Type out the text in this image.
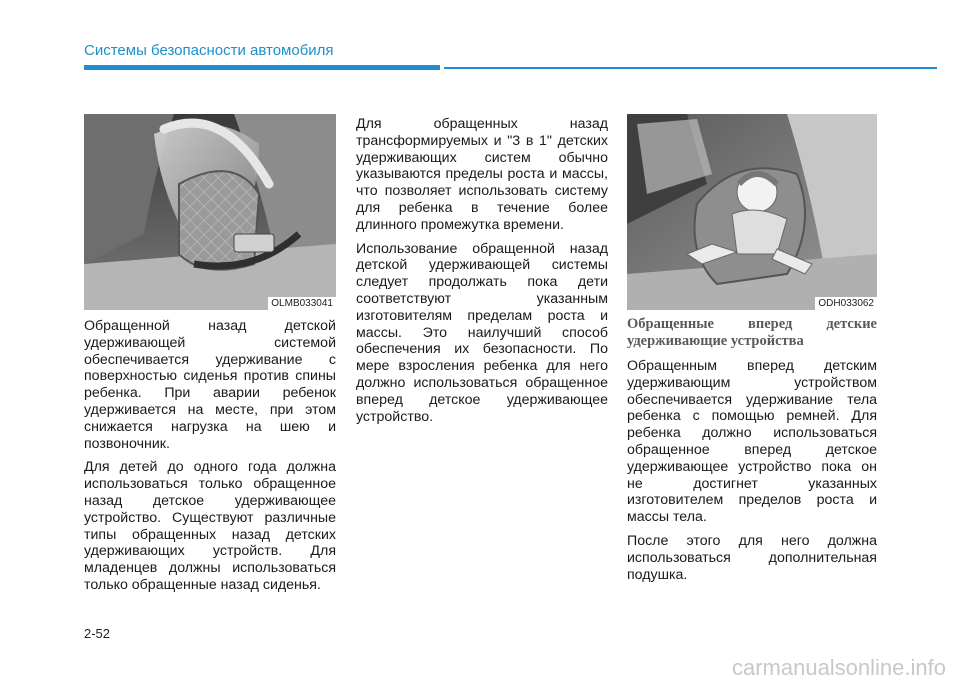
Системы безопасности автомобиля
OLMB033041	ODH033062

Обращенной назад детской удерживающей системой обеспечивается удерживание с поверхностью сиденья против спины ребенка. При аварии ребенок удерживается на месте, при этом снижается нагрузка на шею и позвоночник.

Для детей до одного года должна использоваться только обращенное назад детское удерживающее устройство. Существуют различные типы обращенных назад детских удерживающих устройств. Для младенцев должны использоваться только обращенные назад сиденья.

Для обращенных назад трансформируемых и "3 в 1" детских удерживающих систем обычно указываются пределы роста и массы, что позволяет использовать систему для ребенка в течение более длинного промежутка времени.

Использование обращенной назад детской удерживающей системы следует продолжать пока дети соответствуют указанным изготовителям пределам роста и массы. Это наилучший способ обеспечения их безопасности. По мере взросления ребенка для него должно использоваться обращенное вперед детское удерживающее устройство.

Обращенные вперед детские удерживающие устройства

Обращенным вперед детским удерживающим устройством обеспечивается удерживание тела ребенка с помощью ремней. Для ребенка должно использоваться обращенное вперед детское удерживающее устройство пока он не достигнет указанных изготовителем пределов роста и массы тела.

После этого для него должна использоваться дополнительная подушка.

2-52
carmanualsonline.info
